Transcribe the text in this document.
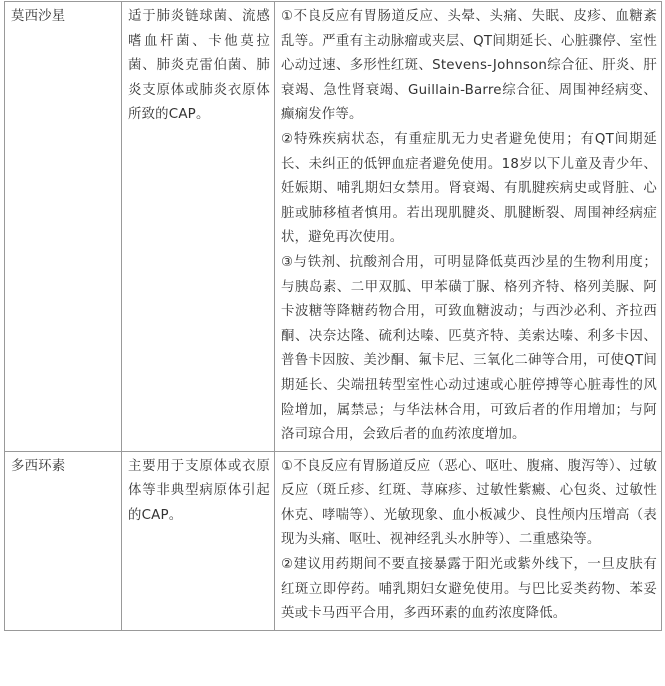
莫西沙星	适于肺炎链球菌、流感嗜血杆菌、卡他莫拉菌、肺炎克雷伯菌、肺炎支原体或肺炎衣原体所致的CAP。	①不良反应有胃肠道反应、头晕、头痛、失眠、皮疹、血糖紊乱等。严重有主动脉瘤或夹层、QT间期延长、心脏骤停、室性心动过速、多形性红斑、Stevens-Johnson综合征、肝炎、肝衰竭、急性肾衰竭、Guillain-Barre综合征、周围神经病变、癫痫发作等。

②特殊疾病状态，有重症肌无力史者避免使用；有QT间期延长、未纠正的低钾血症者避免使用。18岁以下儿童及青少年、妊娠期、哺乳期妇女禁用。肾衰竭、有肌腱疾病史或肾脏、心脏或肺移植者慎用。若出现肌腱炎、肌腱断裂、周围神经病症状，避免再次使用。

③与铁剂、抗酸剂合用，可明显降低莫西沙星的生物利用度；与胰岛素、二甲双胍、甲苯磺丁脲、格列齐特、格列美脲、阿卡波糖等降糖药物合用，可致血糖波动；与西沙必利、齐拉西酮、决奈达隆、硫利达嗪、匹莫齐特、美索达嗪、利多卡因、普鲁卡因胺、美沙酮、氟卡尼、三氧化二砷等合用，可使QT间期延长、尖端扭转型室性心动过速或心脏停搏等心脏毒性的风险增加，属禁忌；与华法林合用，可致后者的作用增加；与阿洛司琼合用，会致后者的血药浓度增加。

多西环素	主要用于支原体或衣原体等非典型病原体引起的CAP。	①不良反应有胃肠道反应（恶心、呕吐、腹痛、腹泻等）、过敏反应（斑丘疹、红斑、荨麻疹、过敏性紫癜、心包炎、过敏性休克、哮喘等）、光敏现象、血小板减少、良性颅内压增高（表现为头痛、呕吐、视神经乳头水肿等）、二重感染等。

②建议用药期间不要直接暴露于阳光或紫外线下，一旦皮肤有红斑立即停药。哺乳期妇女避免使用。与巴比妥类药物、苯妥英或卡马西平合用，多西环素的血药浓度降低。
